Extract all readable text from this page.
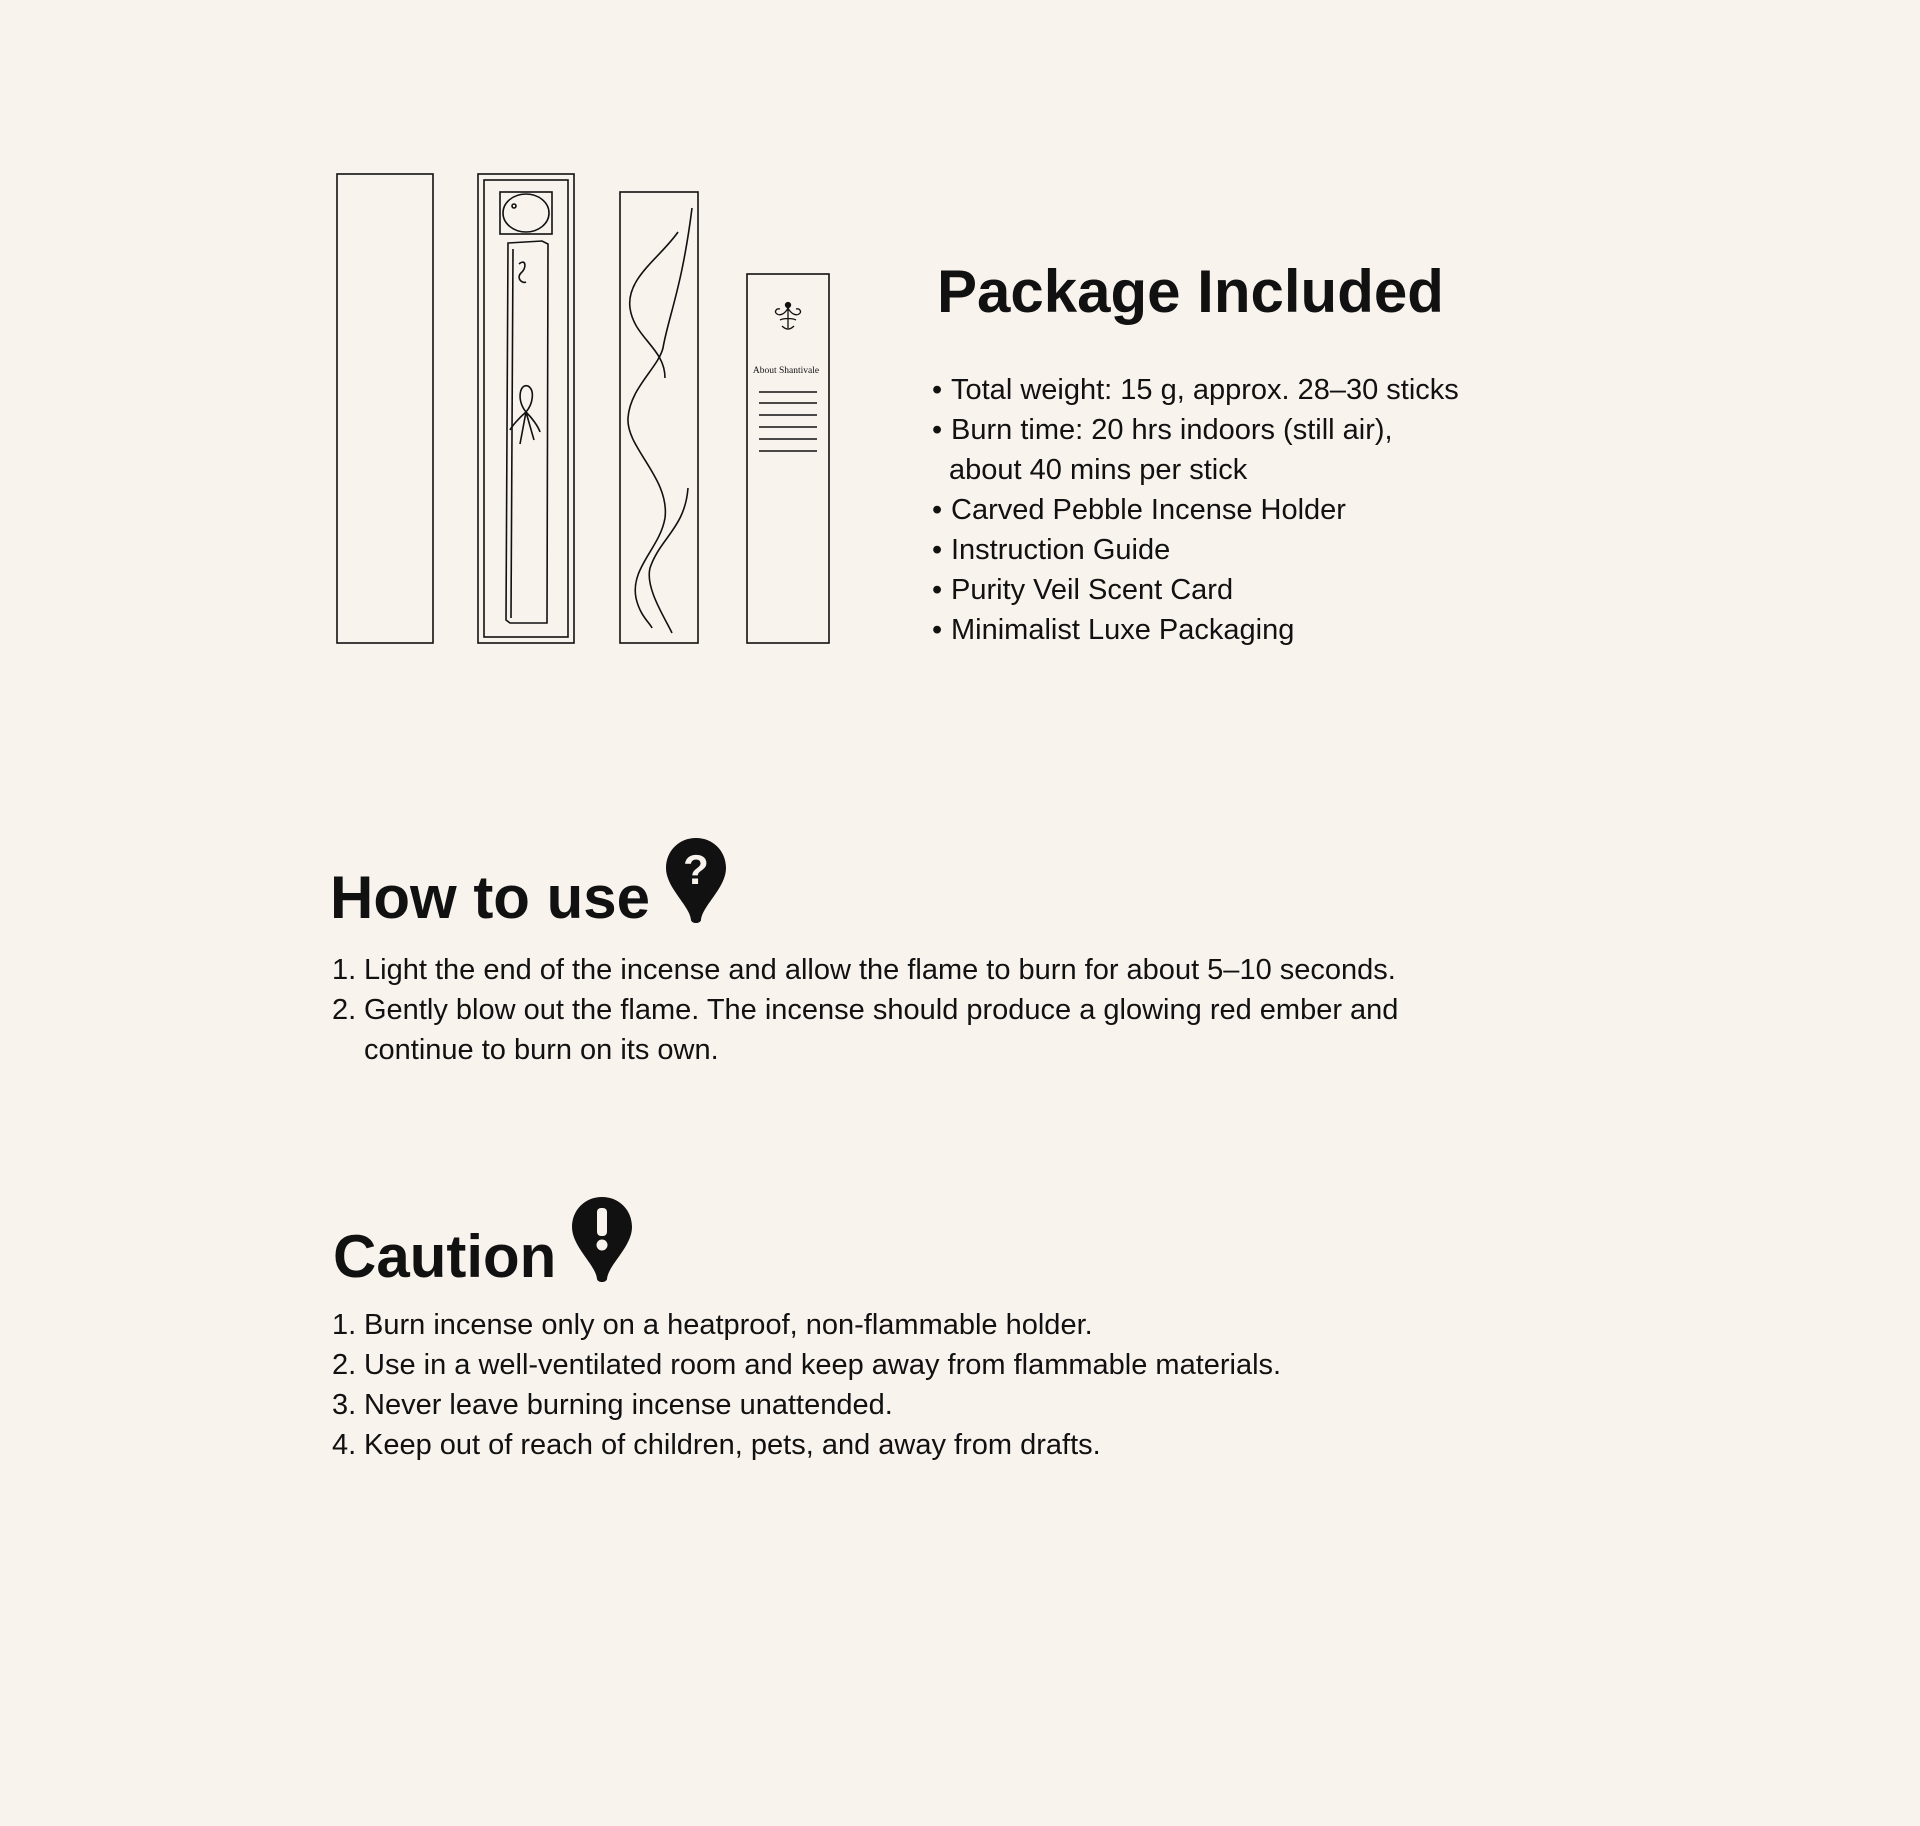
About Shantivale
Package Included
• Total weight: 15 g, approx. 28–30 sticks
• Burn time: 20 hrs indoors (still air),
about 40 mins per stick
• Carved Pebble Incense Holder
• Instruction Guide
• Purity Veil Scent Card
• Minimalist Luxe Packaging
How to use ?
1. Light the end of the incense and allow the flame to burn for about 5–10 seconds.
2. Gently blow out the flame. The incense should produce a glowing red ember and
continue to burn on its own.
Caution
1. Burn incense only on a heatproof, non-flammable holder.
2. Use in a well-ventilated room and keep away from flammable materials.
3. Never leave burning incense unattended.
4. Keep out of reach of children, pets, and away from drafts.
